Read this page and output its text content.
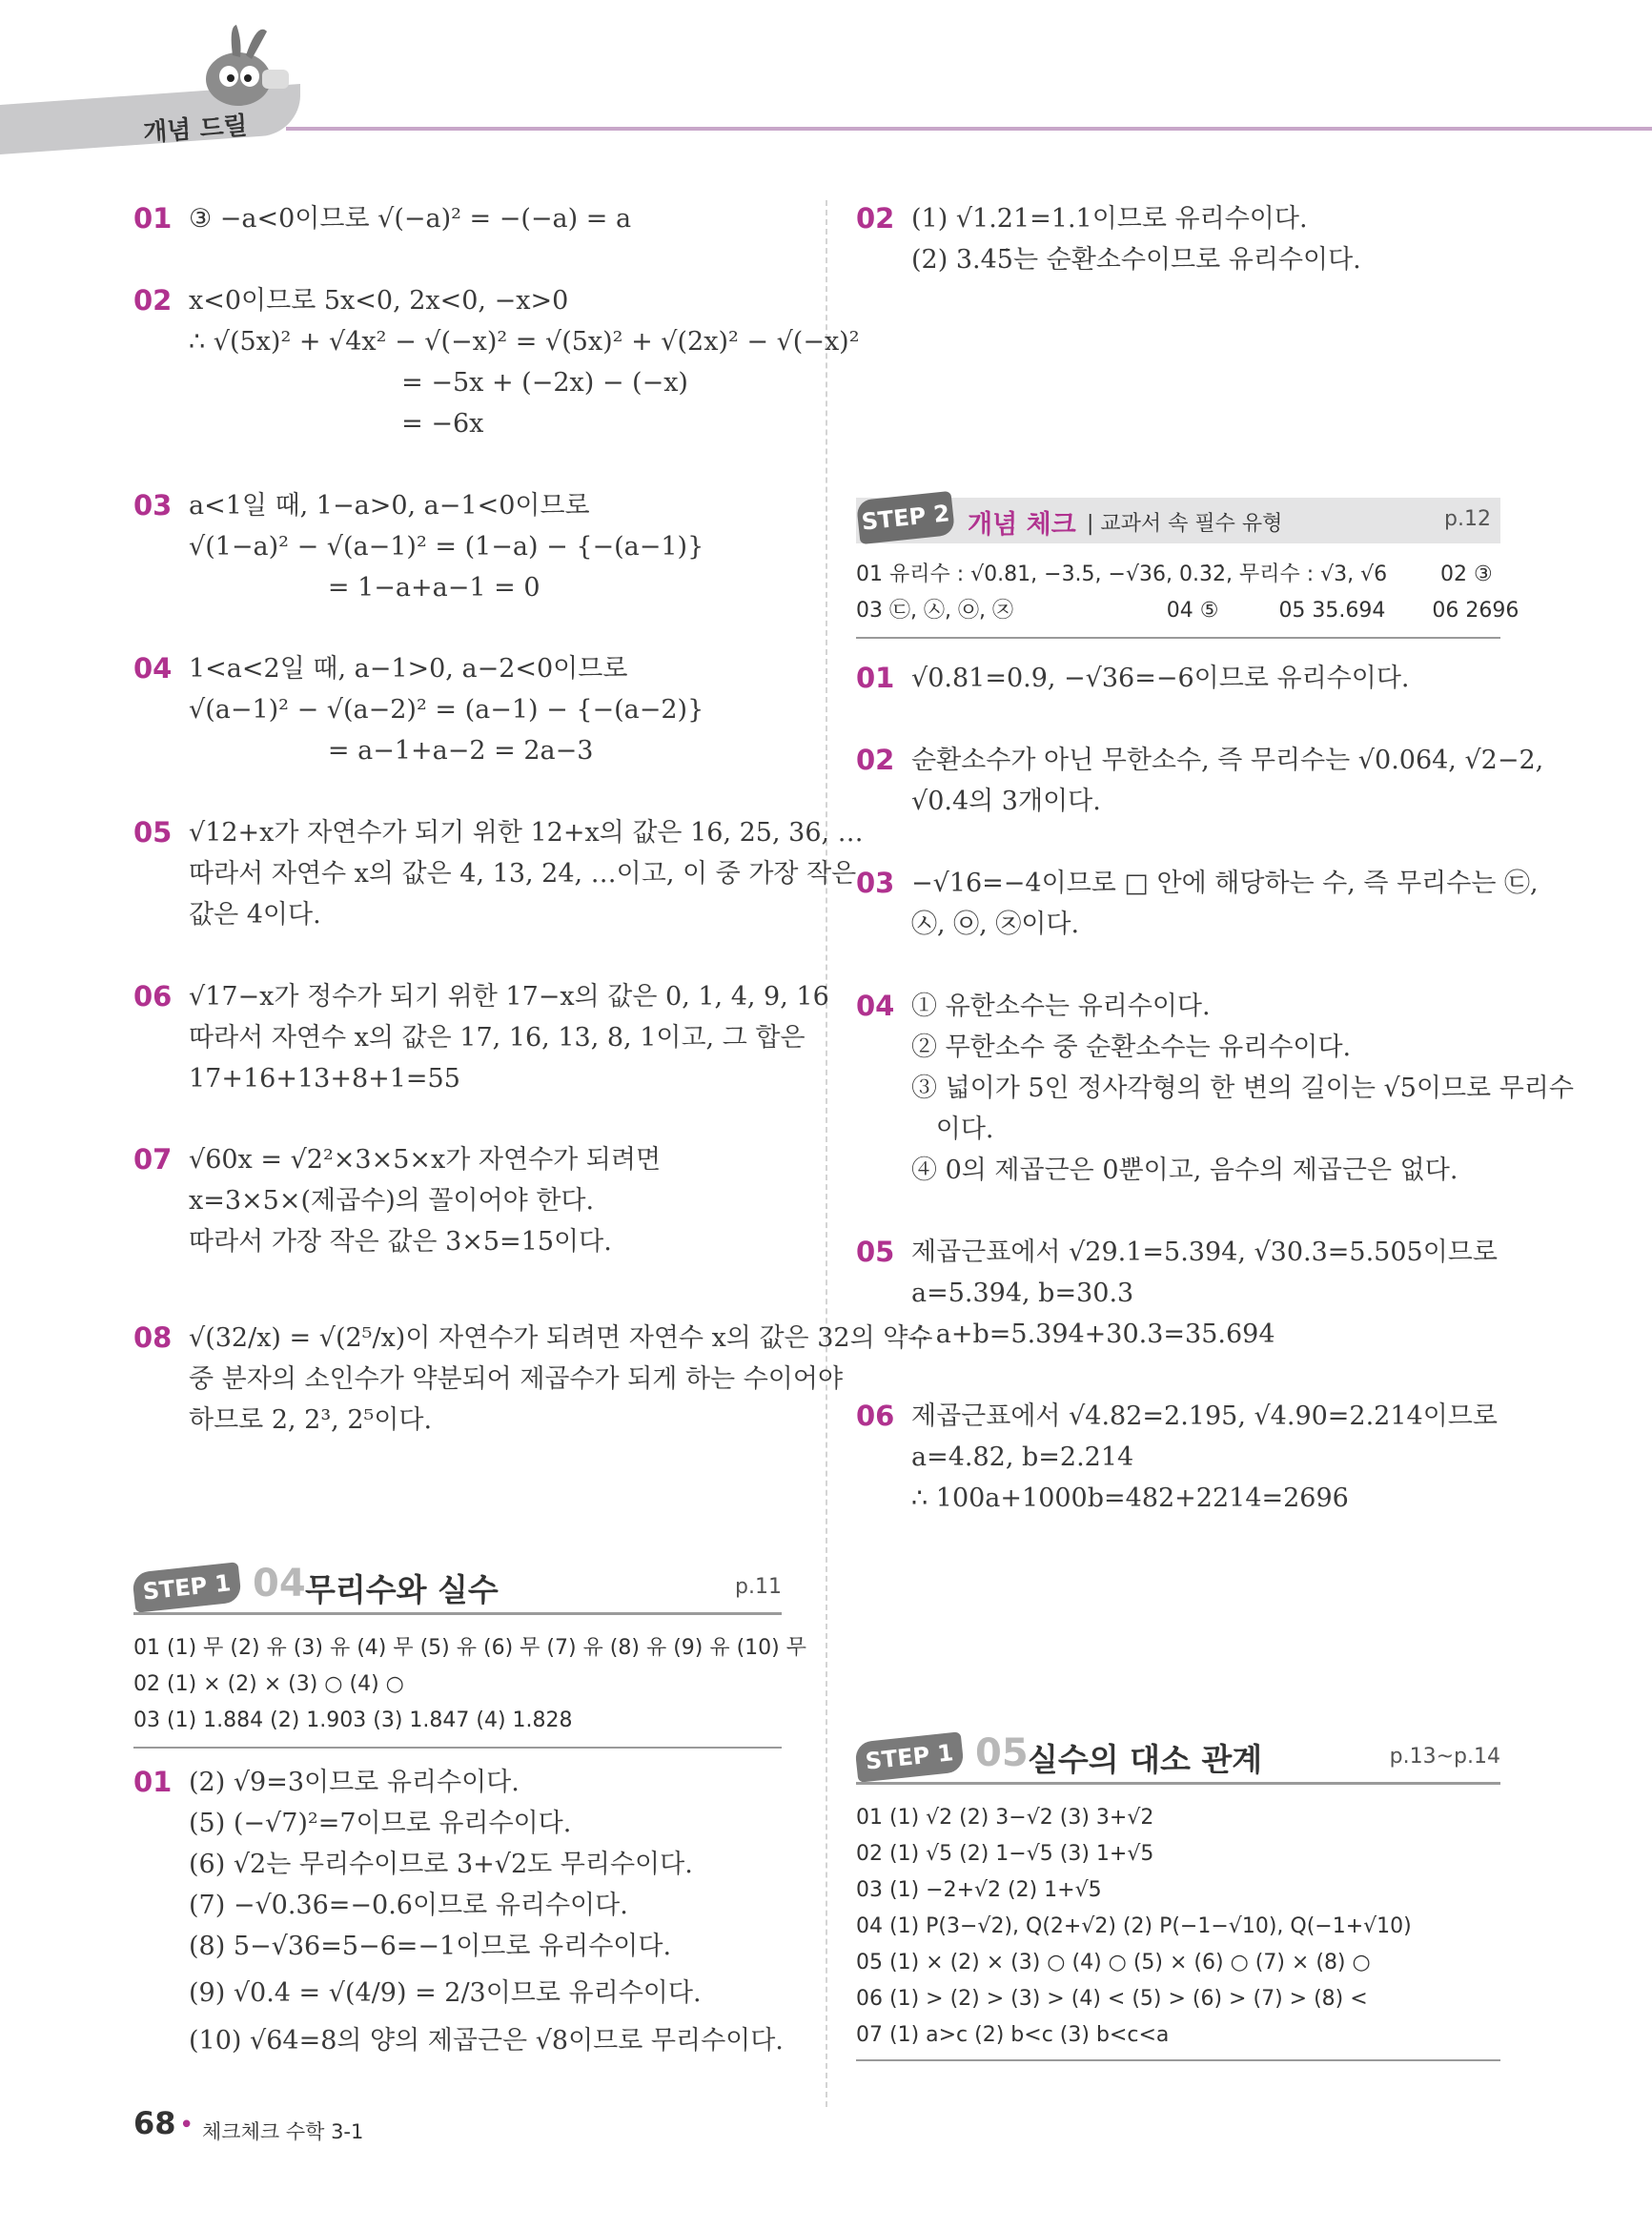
개념 드릴
01 ③ −a<0이므로 √(−a)² = −(−a) = a
02 x<0이므로 5x<0, 2x<0, −x>0
∴ √(5x)² + √4x² − √(−x)² = √(5x)² + √(2x)² − √(−x)²
= −5x + (−2x) − (−x)
= −6x
03 a<1일 때, 1−a>0, a−1<0이므로
√(1−a)² − √(a−1)² = (1−a) − {−(a−1)}
= 1−a+a−1 = 0
04 1<a<2일 때, a−1>0, a−2<0이므로
√(a−1)² − √(a−2)² = (a−1) − {−(a−2)}
= a−1+a−2 = 2a−3
05 √12+x가 자연수가 되기 위한 12+x의 값은 16, 25, 36, …
따라서 자연수 x의 값은 4, 13, 24, …이고, 이 중 가장 작은
값은 4이다.
06 √17−x가 정수가 되기 위한 17−x의 값은 0, 1, 4, 9, 16
따라서 자연수 x의 값은 17, 16, 13, 8, 1이고, 그 합은
17+16+13+8+1=55
07 √60x = √2²×3×5×x가 자연수가 되려면
x=3×5×(제곱수)의 꼴이어야 한다.
따라서 가장 작은 값은 3×5=15이다.
08 √(32/x) = √(2⁵/x)이 자연수가 되려면 자연수 x의 값은 32의 약수
중 분자의 소인수가 약분되어 제곱수가 되게 하는 수이어야
하므로 2, 2³, 2⁵이다.
STEP 1 04 무리수와 실수	p.11
01 (1) 무 (2) 유 (3) 유 (4) 무 (5) 유 (6) 무 (7) 유 (8) 유 (9) 유 (10) 무
02 (1) × (2) × (3) ○ (4) ○
03 (1) 1.884 (2) 1.903 (3) 1.847 (4) 1.828
01 (2) √9=3이므로 유리수이다.
(5) (−√7)²=7이므로 유리수이다.
(6) √2는 무리수이므로 3+√2도 무리수이다.
(7) −√0.36=−0.6이므로 유리수이다.
(8) 5−√36=5−6=−1이므로 유리수이다.
(9) √0.4̇ = √(4/9) = 2/3이므로 유리수이다.
(10) √64=8의 양의 제곱근은 √8이므로 무리수이다.
02 (1) √1.21=1.1이므로 유리수이다.
(2) 3.4̇5̇는 순환소수이므로 유리수이다.
STEP 2 개념 체크 | 교과서 속 필수 유형	p.12
01 유리수 : √0.81, −3.5, −√36, 0.3̇2̇, 무리수 : √3, √6        02 ③
03 ㉢, ㉦, ㉧, ㉨                       04 ⑤         05 35.694       06 2696
01 √0.81=0.9, −√36=−6이므로 유리수이다.
02 순환소수가 아닌 무한소수, 즉 무리수는 √0.064, √2−2,
√0.4의 3개이다.
03 −√16=−4이므로 □ 안에 해당하는 수, 즉 무리수는 ㉢,
㉦, ㉧, ㉨이다.
04 ① 유한소수는 유리수이다.
② 무한소수 중 순환소수는 유리수이다.
③ 넓이가 5인 정사각형의 한 변의 길이는 √5이므로 무리수
이다.
④ 0의 제곱근은 0뿐이고, 음수의 제곱근은 없다.
05 제곱근표에서 √29.1=5.394, √30.3=5.505이므로
a=5.394, b=30.3
∴ a+b=5.394+30.3=35.694
06 제곱근표에서 √4.82=2.195, √4.90=2.214이므로
a=4.82, b=2.214
∴ 100a+1000b=482+2214=2696
STEP 1 05 실수의 대소 관계	p.13~p.14
01 (1) √2 (2) 3−√2 (3) 3+√2
02 (1) √5 (2) 1−√5 (3) 1+√5
03 (1) −2+√2 (2) 1+√5
04 (1) P(3−√2), Q(2+√2) (2) P(−1−√10), Q(−1+√10)
05 (1) × (2) × (3) ○ (4) ○ (5) × (6) ○ (7) × (8) ○
06 (1) > (2) > (3) > (4) < (5) > (6) > (7) > (8) <
07 (1) a>c (2) b<c (3) b<c<a
68 • 체크체크 수학 3-1
